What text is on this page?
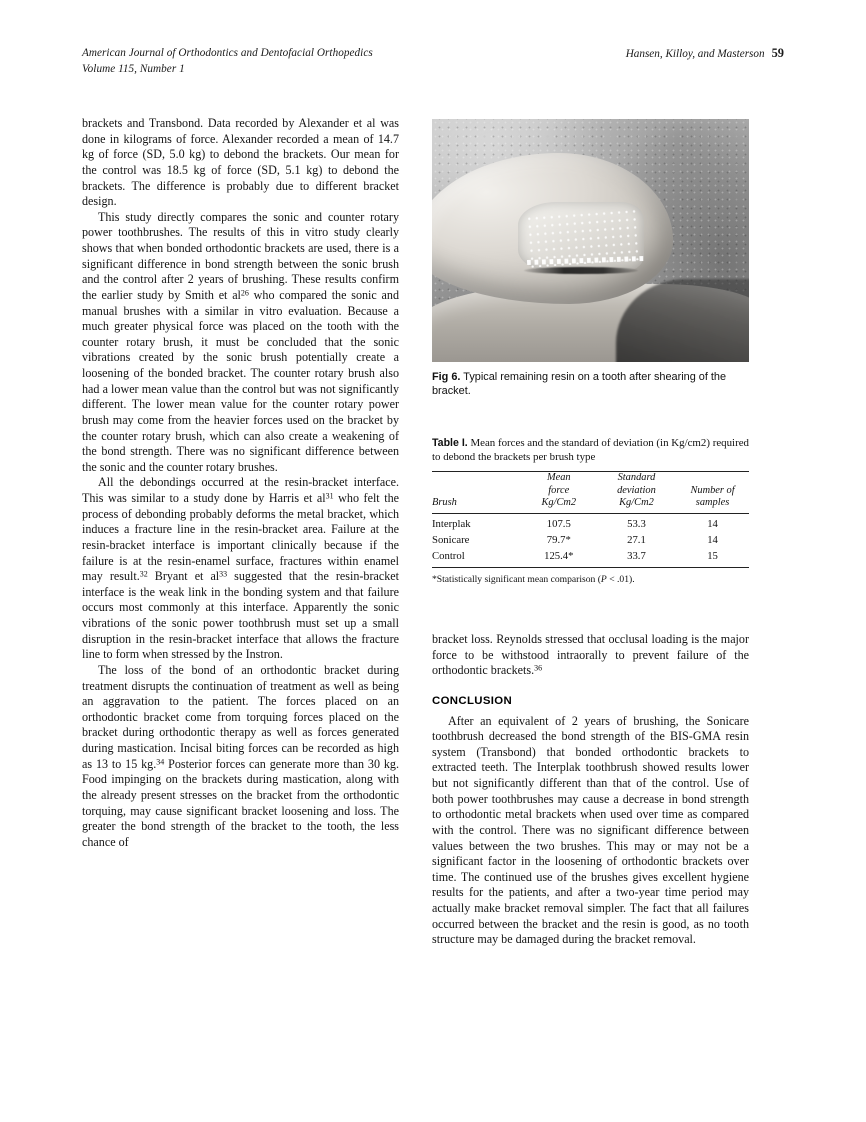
American Journal of Orthodontics and Dentofacial Orthopedics
Volume 115, Number 1
Hansen, Killoy, and Masterson 59

brackets and Transbond. Data recorded by Alexander et al was done in kilograms of force. Alexander recorded a mean of 14.7 kg of force (SD, 5.0 kg) to debond the brackets. Our mean for the control was 18.5 kg of force (SD, 5.1 kg) to debond the brackets. The difference is probably due to different bracket design.

This study directly compares the sonic and counter rotary power toothbrushes. The results of this in vitro study clearly shows that when bonded orthodontic brackets are used, there is a significant difference in bond strength between the sonic brush and the control after 2 years of brushing. These results confirm the earlier study by Smith et $al^{26}$ who compared the sonic and manual brushes with a similar in vitro evaluation. Because a much greater physical force was placed on the tooth with the counter rotary brush, it must be concluded that the sonic vibrations created by the sonic brush potentially create a loosening of the bonded bracket. The counter rotary brush also had a lower mean value than the control but was not significantly different. The lower mean value for the counter rotary power brush may come from the heavier forces used on the bracket by the counter rotary brush, which can also create a weakening of the bond strength. There was no significant difference between the sonic and the counter rotary brushes.

All the debondings occurred at the resin-bracket interface. This was similar to a study done by Harris et $al^{31}$ who felt the process of debonding probably deforms the metal bracket, which induces a fracture line in the resin-bracket area. Failure at the resin-bracket interface is important clinically because if the failure is at the resin-enamel surface, fractures within enamel may result.$^{32}$ Bryant et $al^{33}$ suggested that the resin-bracket interface is the weak link in the bonding system and that failure occurs most commonly at this interface. Apparently the sonic vibrations of the sonic power toothbrush must set up a small disruption in the resin-bracket interface that allows the fracture line to form when stressed by the Instron.

The loss of the bond of an orthodontic bracket during treatment disrupts the continuation of treatment as well as being an aggravation to the patient. The forces placed on an orthodontic bracket come from torquing forces placed on the bracket during orthodontic therapy as well as forces generated during mastication. Incisal biting forces can be recorded as high as 13 to 15 kg.$^{34}$ Posterior forces can generate more than 30 kg. Food impinging on the brackets during mastication, along with the already present stresses on the bracket from the orthodontic torquing, may cause significant bracket loosening and loss. The greater the bond strength of the bracket to the tooth, the less chance of

Fig 6. Typical remaining resin on a tooth after shearing of the bracket.
Table I. Mean forces and the standard of deviation (in Kg/cm2) required to debond the brackets per brush type

Brush

Mean
force
Kg/Cm2

Standard
deviation
Kg/Cm2

Number of
samples
Interplak	107.5	53.3	14
Sonicare	79.7*	27.1	14
Control	125.4*	33.7	15
*Statistically significant mean comparison (P < .01).

bracket loss. Reynolds stressed that occlusal loading is the major force to be withstood intraorally to prevent failure of the orthodontic brackets.$^{36}$

CONCLUSION

After an equivalent of 2 years of brushing, the Sonicare toothbrush decreased the bond strength of the BIS-GMA resin system (Transbond) that bonded orthodontic brackets to extracted teeth. The Interplak toothbrush showed results lower but not significantly different than that of the control. Use of both power toothbrushes may cause a decrease in bond strength to orthodontic metal brackets when used over time as compared with the control. There was no significant difference between values between the two brushes. This may or may not be a significant factor in the loosening of orthodontic brackets over time. The continued use of the brushes gives excellent hygiene results for the patients, and after a two-year time period may actually make bracket removal simpler. The fact that all failures occurred between the bracket and the resin is good, as no tooth structure may be damaged during the bracket removal.
